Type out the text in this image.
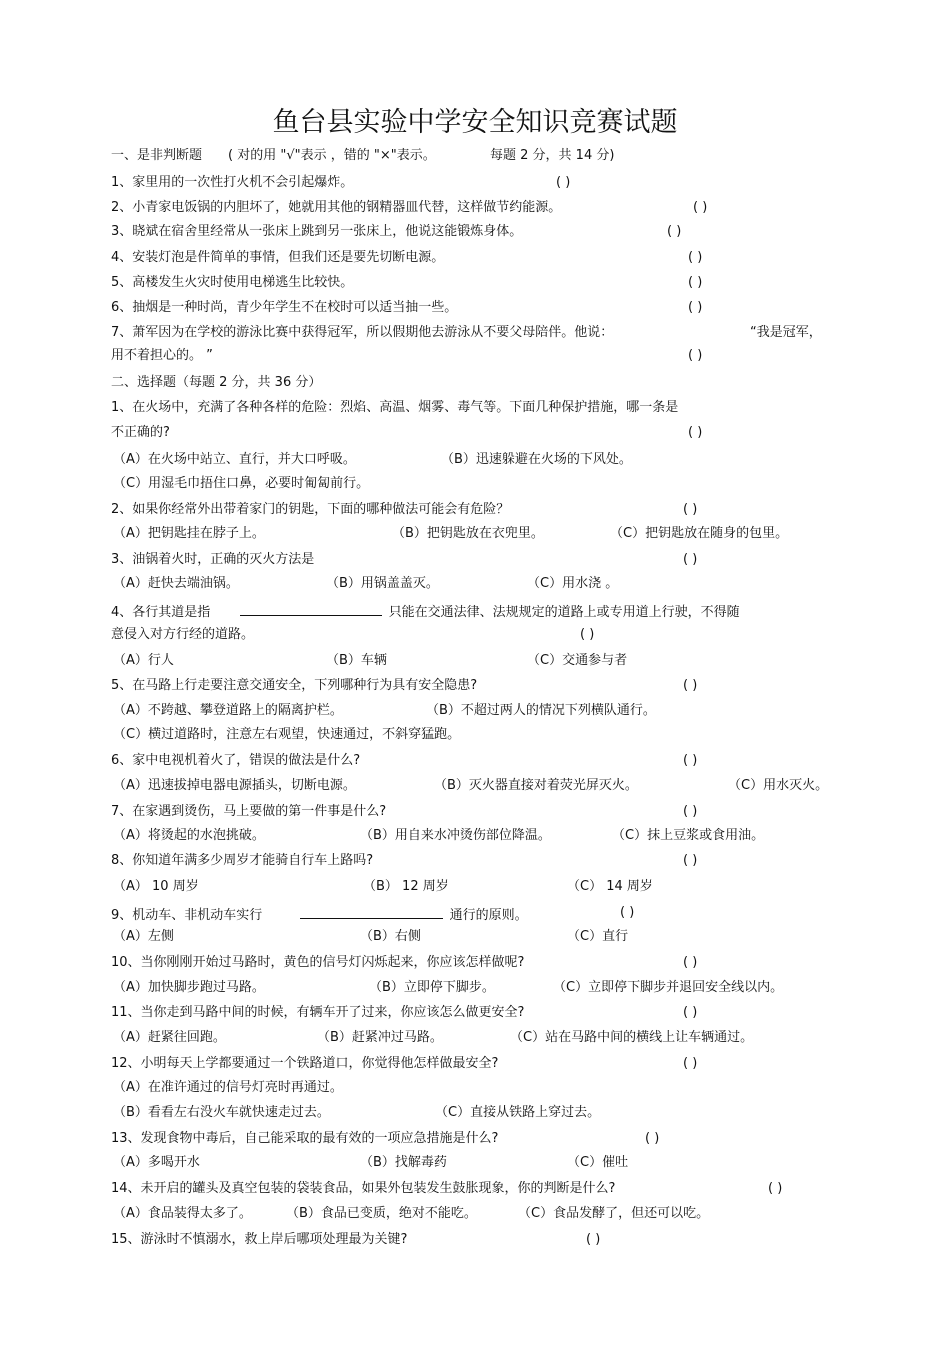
鱼台县实验中学安全知识竞赛试题
一、是非判断题 ( 对的用 "√"表示 ，错的 "×"表示。	每题 2 分，共 14 分)
1、家里用的一次性打火机不会引起爆炸。	( )
2、小青家电饭锅的内胆坏了，她就用其他的钢精器皿代替，这样做节约能源。	( )
3、晓斌在宿舍里经常从一张床上跳到另一张床上，他说这能锻炼身体。	( )
4、安装灯泡是件简单的事情，但我们还是要先切断电源。	( )
5、高楼发生火灾时使用电梯逃生比较快。	( )
6、抽烟是一种时尚，青少年学生不在校时可以适当抽一些。	( )
7、萧军因为在学校的游泳比赛中获得冠军，所以假期他去游泳从不要父母陪伴。他说：	“我是冠军，
用不着担心的。 ”	( )
二、选择题（每题 2 分，共 36 分）
1、在火场中，充满了各种各样的危险：烈焰、高温、烟雾、毒气等。下面几种保护措施，哪一条是
不正确的?	( )
（A）在火场中站立、直行，并大口呼吸。	（B）迅速躲避在火场的下风处。
（C）用湿毛巾捂住口鼻，必要时匍匐前行。
2、如果你经常外出带着家门的钥匙，下面的哪种做法可能会有危险？	( )
（A）把钥匙挂在脖子上。	（B）把钥匙放在衣兜里。	（C）把钥匙放在随身的包里。
3、油锅着火时，正确的灭火方法是	( )
（A）赶快去端油锅。	（B）用锅盖盖灭。	（C）用水浇 。
4、各行其道是指	只能在交通法律、法规规定的道路上或专用道上行驶，不得随
意侵入对方行经的道路。	( )
（A）行人	（B）车辆	（C）交通参与者
5、在马路上行走要注意交通安全，下列哪种行为具有安全隐患?	( )
（A）不跨越、攀登道路上的隔离护栏。	（B）不超过两人的情况下列横队通行。
（C）横过道路时，注意左右观望，快速通过，不斜穿猛跑。
6、家中电视机着火了，错误的做法是什么?	( )
（A）迅速拔掉电器电源插头，切断电源。	（B）灭火器直接对着荧光屏灭火。	（C）用水灭火。
7、在家遇到烫伤，马上要做的第一件事是什么?	( )
（A）将烫起的水泡挑破。	（B）用自来水冲烫伤部位降温。	（C）抹上豆浆或食用油。
8、你知道年满多少周岁才能骑自行车上路吗?	( )
（A） 10 周岁	（B） 12 周岁	（C） 14 周岁
9、机动车、非机动车实行	通行的原则。	( )
（A）左侧	（B）右侧	（C）直行
10、当你刚刚开始过马路时，黄色的信号灯闪烁起来，你应该怎样做呢?	( )
（A）加快脚步跑过马路。	（B）立即停下脚步。	（C）立即停下脚步并退回安全线以内。
11、当你走到马路中间的时候，有辆车开了过来，你应该怎么做更安全?	( )
（A）赶紧往回跑。	（B）赶紧冲过马路。	（C）站在马路中间的横线上让车辆通过。
12、小明每天上学都要通过一个铁路道口，你觉得他怎样做最安全?	( )
（A）在准许通过的信号灯亮时再通过。
（B）看看左右没火车就快速走过去。	（C）直接从铁路上穿过去。
13、发现食物中毒后，自己能采取的最有效的一项应急措施是什么?	( )
（A）多喝开水	（B）找解毒药	（C）催吐
14、未开启的罐头及真空包装的袋装食品，如果外包装发生鼓胀现象，你的判断是什么?	( )
（A）食品装得太多了。	（B）食品已变质，绝对不能吃。	（C）食品发酵了，但还可以吃。
15、游泳时不慎溺水，救上岸后哪项处理最为关键?	( )
